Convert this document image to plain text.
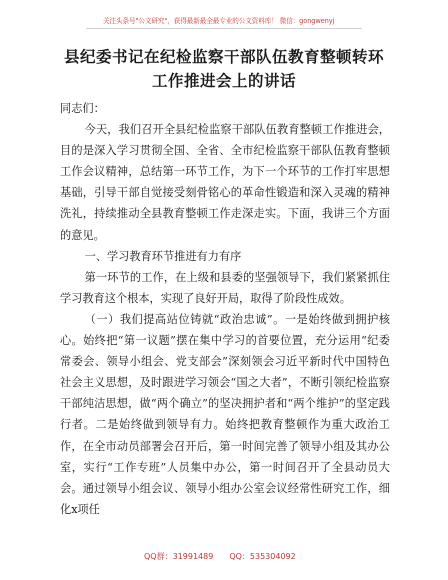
关注头条号"公文研究"，获得最新最全最专业的公文资料库！ 微信：gongwenyj
县纪委书记在纪检监察干部队伍教育整顿转环
工作推进会上的讲话

同志们：

今天，我们召开全县纪检监察干部队伍教育整顿工作推进会，目的是深入学习贯彻全国、全省、全市纪检监察干部队伍教育整顿工作会议精神，总结第一环节工作，为下一个环节的工作打牢思想基础，引导干部自觉接受刻骨铭心的革命性锻造和深入灵魂的精神洗礼，持续推动全县教育整顿工作走深走实。下面，我讲三个方面的意见。

一、学习教育环节推进有力有序

第一环节的工作，在上级和县委的坚强领导下，我们紧紧抓住学习教育这个根本，实现了良好开局，取得了阶段性成效。

（一）我们提高站位铸就“政治忠诚”。一是始终做到拥护核心。始终把“第一议题”摆在集中学习的首要位置，充分运用“纪委常委会、领导小组会、党支部会”深刻领会习近平新时代中国特色社会主义思想，及时跟进学习领会“国之大者”，不断引领纪检监察干部纯洁思想，做“两个确立”的坚决拥护者和“两个维护”的坚定践行者。二是始终做到领导有力。始终把教育整顿作为重大政治工作，在全市动员部署会召开后，第一时间完善了领导小组及其办公室，实行“工作专班”人员集中办公，第一时间召开了全县动员大会。通过领导小组会议、领导小组办公室会议经常性研究工作，细化x项任

QQ群：31991489 QQ：535304092
